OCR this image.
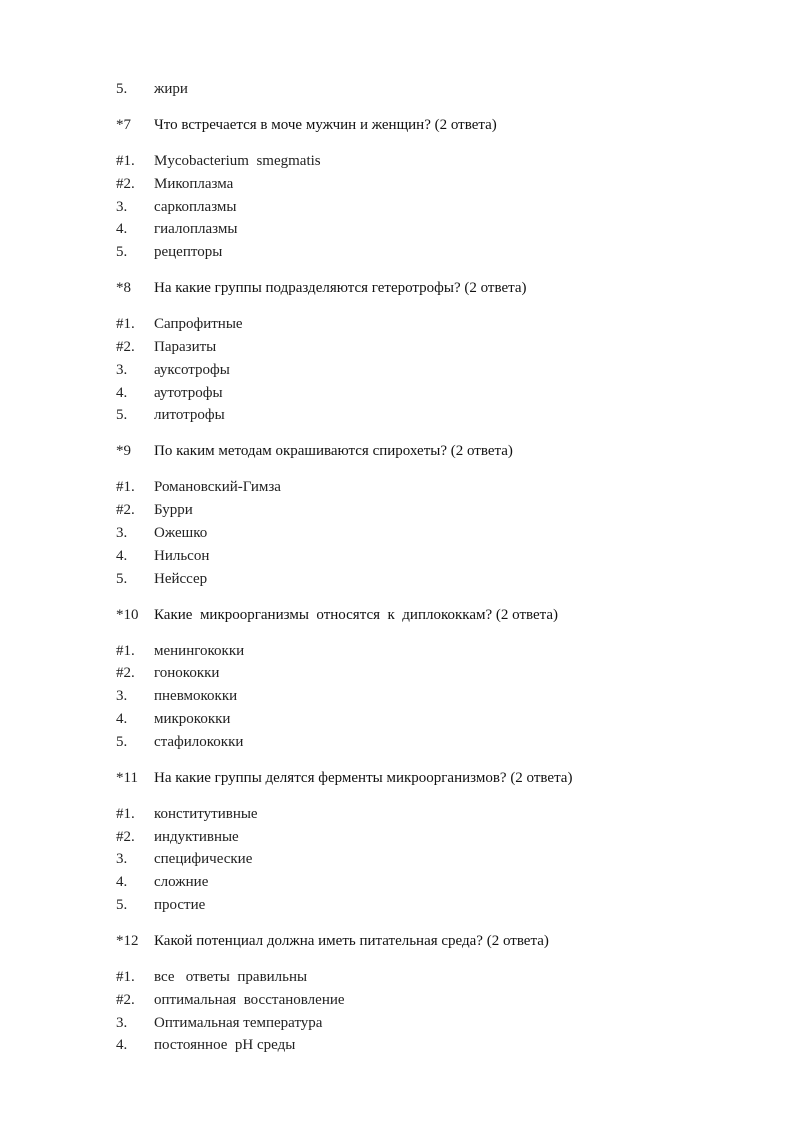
5.	жири
*7	Что встречается в моче мужчин и женщин? (2 ответа)
#1.	Mycobacterium  smegmatis
#2.	Микоплазма
3.	саркоплазмы
4.	гиалоплазмы
5.	рецепторы
*8	На какие группы подразделяются гетеротрофы? (2 ответа)
#1.	Сапрофитные
#2.	Паразиты
3.	ауксотрофы
4.	аутотрофы
5.	литотрофы
*9	По каким методам окрашиваются спирохеты? (2 ответа)
#1.	Романовский-Гимза
#2.	Бурри
3.	Ожешко
4.	Нильсон
5.	Нейссер
*10	Какие  микроорганизмы  относятся  к  диплококкам? (2 ответа)
#1.	менингококки
#2.	гонококки
3.	пневмококки
4.	микрококки
5.	стафилококки
*11	На какие группы делятся ферменты микроорганизмов? (2 ответа)
#1.	конститутивные
#2.	индуктивные
3.	специфические
4.	сложние
5.	простие
*12	Какой потенциал должна иметь питательная среда? (2 ответа)
#1.	все   ответы  правильны
#2.	оптимальная  восстановление
3.	Оптимальная температура
4.	постоянное  pH среды
